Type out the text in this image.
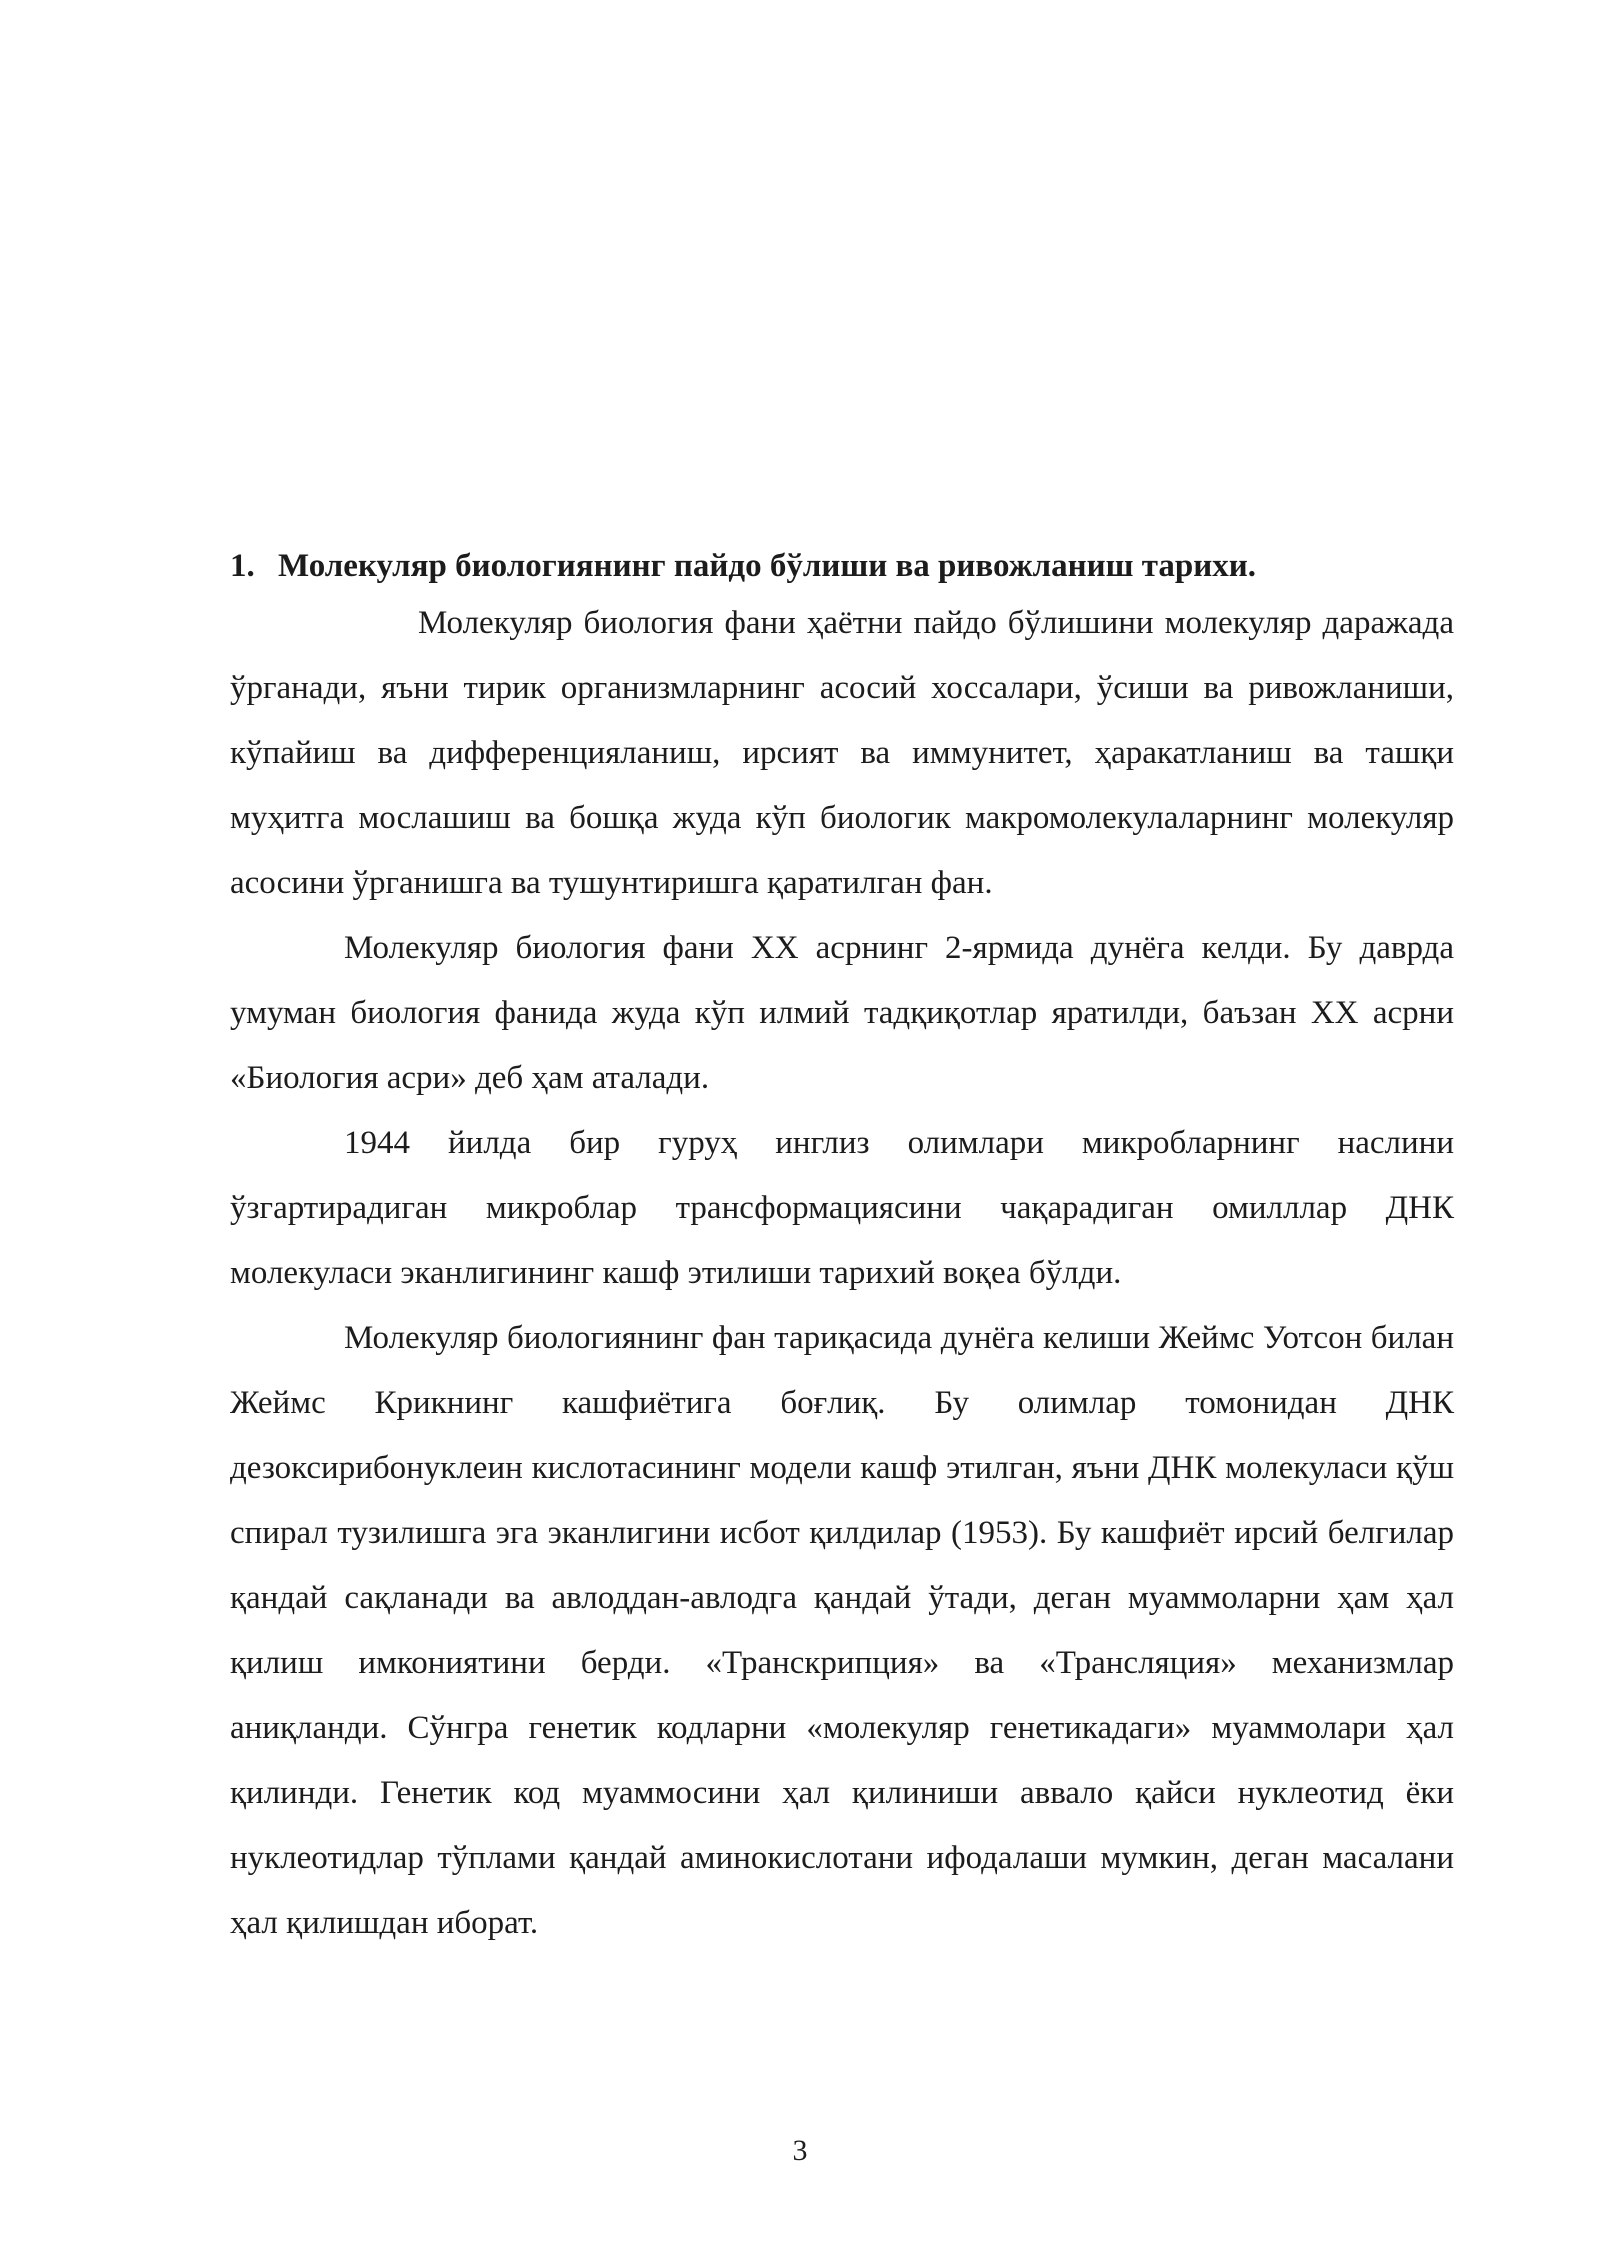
1. Молекуляр биологиянинг пайдо бўлиши ва ривожланиш тарихи.

Молекуляр биология фани ҳаётни пайдо бўлишини молекуляр даражада ўрганади, яъни тирик организмларнинг асосий хоссалари, ўсиши ва ривожланиши, кўпайиш ва дифференцияланиш, ирсият ва иммунитет, ҳаракатланиш ва ташқи муҳитга мослашиш ва бошқа жуда кўп биологик макромолекулаларнинг молекуляр асосини ўрганишга ва тушунтиришга қаратилган фан.

Молекуляр биология фани ХХ асрнинг 2-ярмида дунёга келди. Бу даврда умуман биология фанида жуда кўп илмий тадқиқотлар яратилди, баъзан ХХ асрни «Биология асри» деб ҳам аталади.

1944 йилда бир гуруҳ инглиз олимлари микробларнинг наслини ўзгартирадиган микроблар трансформациясини чақарадиган омилллар ДНК молекуласи эканлигининг кашф этилиши тарихий воқеа бўлди.

Молекуляр биологиянинг фан тариқасида дунёга келиши Жеймс Уотсон билан Жеймс Крикнинг кашфиётига боғлиқ. Бу олимлар томонидан ДНК дезоксирибонуклеин кислотасининг модели кашф этилган, яъни ДНК молекуласи қўш спирал тузилишга эга эканлигини исбот қилдилар (1953). Бу кашфиёт ирсий белгилар қандай сақланади ва авлоддан-авлодга қандай ўтади, деган муаммоларни ҳам ҳал қилиш имкониятини берди. «Транскрипция» ва «Трансляция» механизмлар аниқланди. Сўнгра генетик кодларни «молекуляр генетикадаги» муаммолари ҳал қилинди. Генетик код муаммосини ҳал қилиниши аввало қайси нуклеотид ёки нуклеотидлар тўплами қандай аминокислотани ифодалаши мумкин, деган масалани ҳал қилишдан иборат.

3
